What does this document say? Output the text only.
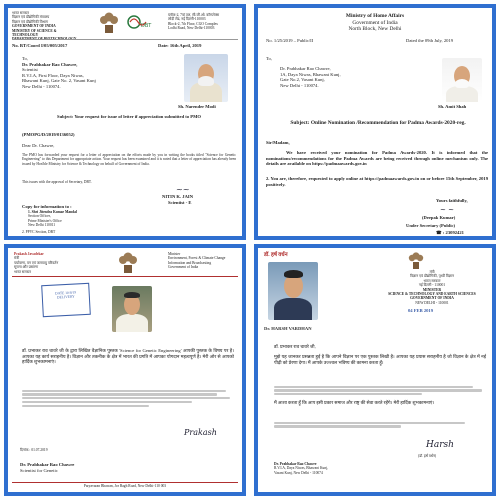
भारत सरकार
विज्ञान एवं प्रौद्योगिकी मंत्रालय
विज्ञान एवं प्रौद्योगिकी विभाग
GOVERNMENT OF INDIA
MINISTRY OF SCIENCE & TECHNOLOGY
DBT
ब्लॉक-2, 7वां तल, सी.जी.ओ. कॉम्प्लेक्स
लोदी रोड, नई दिल्ली-110003
Block-2, 7th Floor, CGO Complex
Lodhi Road, New Delhi-110003
No. BT/Coord I/05/005/2017	Date: 16th April, 2019
To,
Dr. Prabhakar Rao Chawre,
Scientist
R.V.I.A, First Floor, Daya Niwas,
Bhawani Kunj, Gate No. 2, Vasant Kunj
New Delhi - 110074.
Sh. Narender Modi
Subject: Your request for issue of letter if appreciation submitted to PMO
(PMOPG/D/2019/0136052)
Dear Dr. Chawre,
The PMO has forwarded your request for a letter of appreciation on the efforts made by you in writing the books titled "Science for Genetic Engineering" to this Department for appropriate action. Your request has been examined and it is noted that a letter of appreciation has already been issued by Hon'ble Ministry for Science & Technology on behalf of Government of India.
This issues with the approval of Secretary, DBT.
~~
NITIN K. JAIN
Scientist - E
Copy for information to :
1. Shri Jitendra Kumar Mandal
Section Officer,
Prime Minister's Office
New Delhi 110011
2. PPVC Section, DBT
Ministry of Home Affairs
Government of India
North Block, New Delhi
No. 1/25/2019 – Public/II	Dated the 09th July, 2019
To,
Dr. Prabhakar Rao Chawre,
1A, Daya Niwas, Bhawani Kunj,
Gate No.2, Vasant Kunj,
New Delhi - 110074.
Sh. Amit Shah
Subject: Online Nomination /Recommendation for Padma Awards-2020-reg.
Sir/Madam,
We have received your nomination for Padma Awards-2020. It is informed that the nominations/recommendations for the Padma Awards are being received through online mechanism only. The details are available on https://padmaawards.gov.in
2. You are, therefore, requested to apply online at https://padmaawards.gov.in on or before 15th September, 2019 positively.
Yours faithfully,
~ ~
(Deepak Kumar)
Under Secretary (Public)
☎ : 23092421
Prakash Javadekar
मंत्री
पर्यावरण, वन एवं जलवायु परिवर्तन
सूचना और प्रसारण
भारत सरकार
Minister
Environment, Forest & Climate Change
Information and Broadcasting
Government of India
DATE 10/8/19
DELIVERY
डॉ. प्रभाकर राव चावरे जी के द्वारा लिखित वैज्ञानिक पुस्तक 'Science for Genetic Engineering' आपकी पुस्तक के विषय पर है। आपका यह कार्य सराहनीय है। विज्ञान और तकनीक के क्षेत्र में भारत की प्रगति में आपका योगदान महत्वपूर्ण है। मेरी ओर से आपको हार्दिक शुभकामनाएं।
Prakash
दिनांक : 01.07.2019
Dr. Prabhakar Rao Chawre
Scientist for Genetic
Paryavaran Bhawan, Jor Bagh Road, New Delhi-110 003
डॉ. हर्ष वर्धन
मंत्री
विज्ञान एवं प्रौद्योगिकी, पृथ्वी विज्ञान
भारत सरकार
नई दिल्ली - 110001
MINISTER
SCIENCE & TECHNOLOGY AND EARTH SCIENCES
GOVERNMENT OF INDIA
NEW DELHI - 110001
04 FEB 2019
Dr. HARSH VARDHAN
डॉ. प्रभाकर राव चावरे जी,
मुझे यह जानकर प्रसन्नता हुई है कि आपने विज्ञान पर एक पुस्तक लिखी है। आपका यह प्रयास सराहनीय है जो विज्ञान के क्षेत्र में नई पीढ़ी को प्रेरणा देगा। मैं आपके उज्ज्वल भविष्य की कामना करता हूँ।
मैं आशा करता हूँ कि आप इसी प्रकार समाज और राष्ट्र की सेवा करते रहेंगे। मेरी हार्दिक शुभकामनाएं।
Harsh
(डॉ. हर्ष वर्धन)
Dr. Prabhakar Rao Chawre
R.V.I.A, Daya Niwas, Bhawani Kunj,
Vasant Kunj, New Delhi - 110074
